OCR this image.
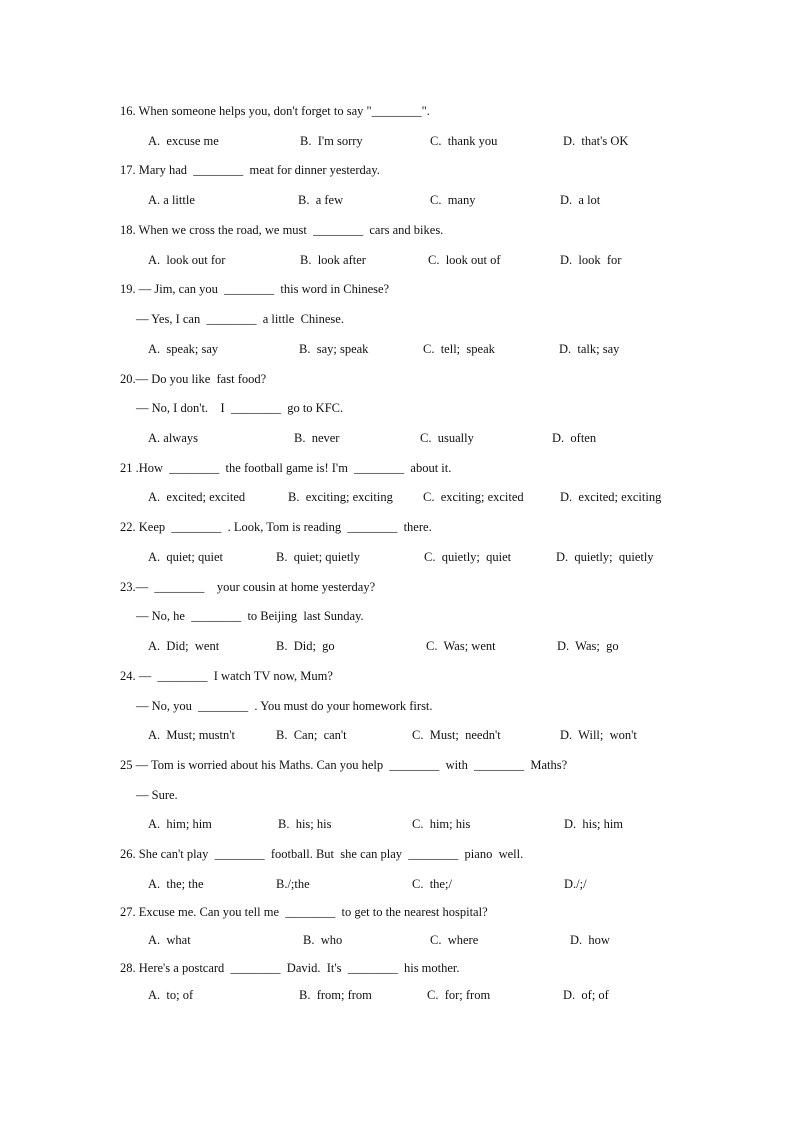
16. When someone helps you, don't forget to say "________".
A.  excuse me	B.  I'm sorry	C.  thank you	D.  that's OK
17. Mary had  ________  meat for dinner yesterday.
A. a little	B.  a few	C.  many	D.  a lot
18. When we cross the road, we must  ________  cars and bikes.
A.  look out for	B.  look after	C.  look out of	D.  look  for
19. — Jim, can you  ________  this word in Chinese?
— Yes, I can  ________  a little  Chinese.
A.  speak; say	B.  say; speak	C.  tell;  speak	D.  talk; say
20.— Do you like  fast food?
— No, I don't.    I  ________  go to KFC.
A. always	B.  never	C.  usually	D.  often
21 .How  ________  the football game is! I'm  ________  about it.
A.  excited; excited	B.  exciting; exciting C.  exciting; excited	D.  excited; exciting
22. Keep  ________  . Look, Tom is reading  ________  there.
A.  quiet; quiet	B.  quiet; quietly	C.  quietly;  quiet	D.  quietly;  quietly
23.—  ________    your cousin at home yesterday?
— No, he  ________  to Beijing  last Sunday.
A.  Did;  went	B.  Did;  go	C.  Was; went	D.  Was;  go
24. —  ________  I watch TV now, Mum?
— No, you  ________  . You must do your homework first.
A.  Must; mustn't	B.  Can;  can't	C.  Must;  needn't	D.  Will;  won't
25 — Tom is worried about his Maths. Can you help  ________  with  ________  Maths?
— Sure.
A.  him; him	B.  his; his	C.  him; his	D.  his; him
26. She can't play  ________  football. But  she can play  ________  piano  well.
A.  the; the	B./;the	C.  the;/	D./;/
27. Excuse me. Can you tell me  ________  to get to the nearest hospital?
A.  what	B.  who	C.  where	D.  how
28. Here's a postcard  ________  David.  It's  ________  his mother.
A.  to; of	B.  from; from	C.  for; from	D.  of; of
